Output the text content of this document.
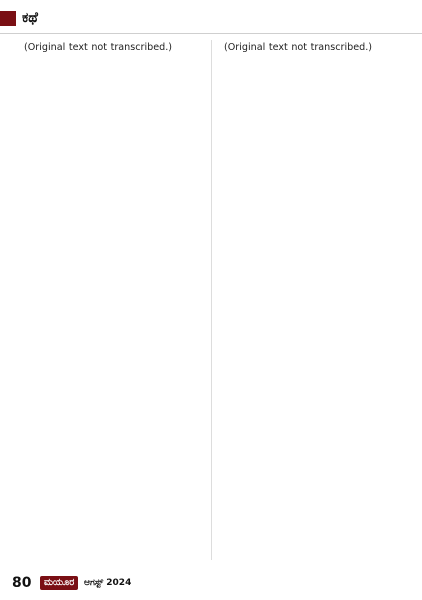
ಕಥೆ

(Original text not transcribed.)	(Original text not transcribed.)

80	ಮಯೂರ	ಆಗಸ್ಟ್ 2024
